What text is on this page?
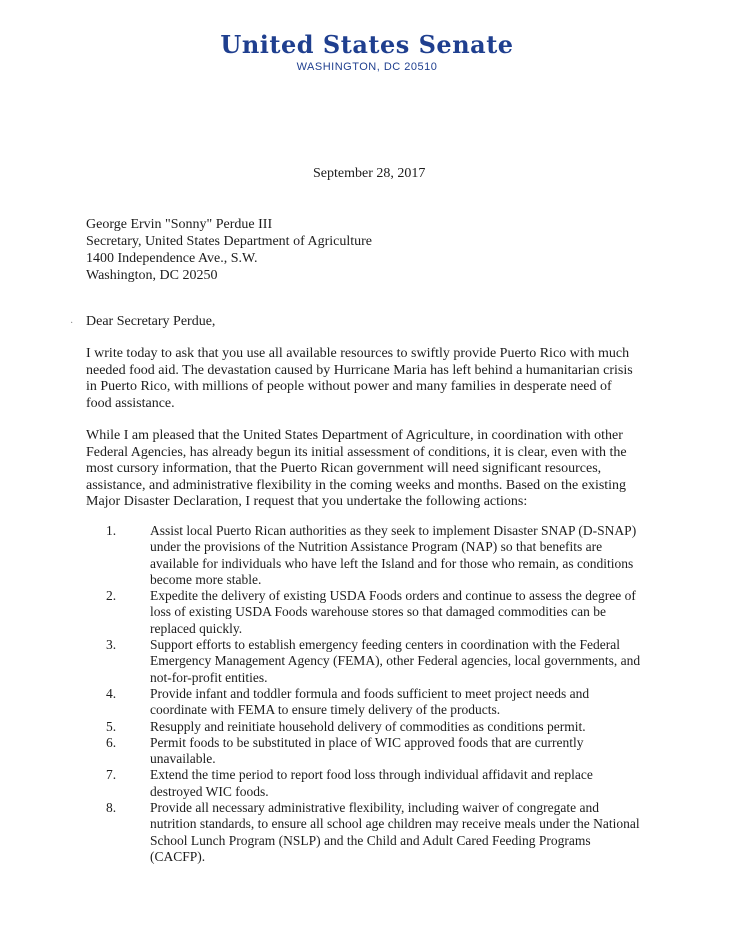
United States Senate
WASHINGTON, DC 20510
·
September 28, 2017
George Ervin "Sonny" Perdue III
Secretary, United States Department of Agriculture
1400 Independence Ave., S.W.
Washington, DC 20250
Dear Secretary Perdue,
I write today to ask that you use all available resources to swiftly provide Puerto Rico with much needed food aid. The devastation caused by Hurricane Maria has left behind a humanitarian crisis in Puerto Rico, with millions of people without power and many families in desperate need of food assistance.
While I am pleased that the United States Department of Agriculture, in coordination with other Federal Agencies, has already begun its initial assessment of conditions, it is clear, even with the most cursory information, that the Puerto Rican government will need significant resources, assistance, and administrative flexibility in the coming weeks and months. Based on the existing Major Disaster Declaration, I request that you undertake the following actions:
1.	Assist local Puerto Rican authorities as they seek to implement Disaster SNAP (D-SNAP) under the provisions of the Nutrition Assistance Program (NAP) so that benefits are available for individuals who have left the Island and for those who remain, as conditions become more stable.
2.	Expedite the delivery of existing USDA Foods orders and continue to assess the degree of loss of existing USDA Foods warehouse stores so that damaged commodities can be replaced quickly.
3.	Support efforts to establish emergency feeding centers in coordination with the Federal Emergency Management Agency (FEMA), other Federal agencies, local governments, and not-for-profit entities.
4.	Provide infant and toddler formula and foods sufficient to meet project needs and coordinate with FEMA to ensure timely delivery of the products.
5.	Resupply and reinitiate household delivery of commodities as conditions permit.
6.	Permit foods to be substituted in place of WIC approved foods that are currently unavailable.
7.	Extend the time period to report food loss through individual affidavit and replace destroyed WIC foods.
8.	Provide all necessary administrative flexibility, including waiver of congregate and nutrition standards, to ensure all school age children may receive meals under the National School Lunch Program (NSLP) and the Child and Adult Cared Feeding Programs (CACFP).
